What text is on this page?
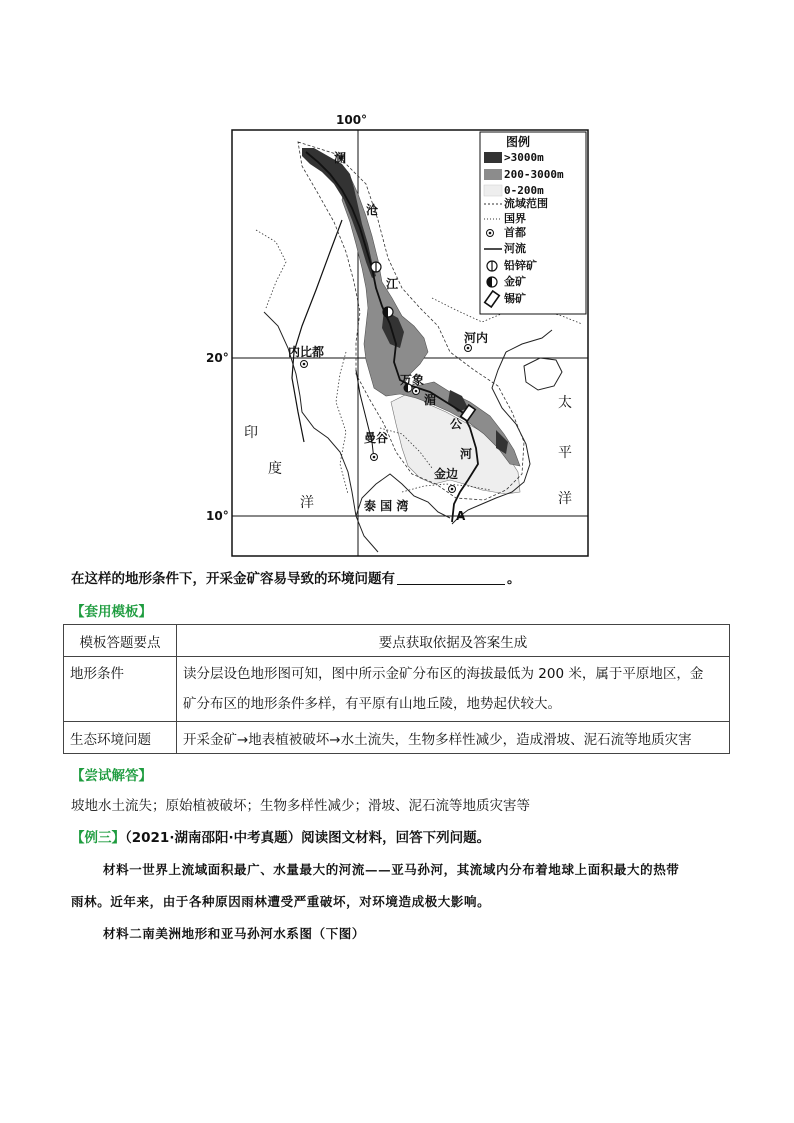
100°
20°
10°
图例
>3000m
200-3000m
0-200m
流域范围
国界
首都
河流
铅锌矿
金矿
锡矿
澜
沧
江
内比都
河内
万象
湄
公
河
曼谷
金边
A
印
度
洋
太
平
洋
泰 国 湾
在这样的地形条件下，开采金矿容易导致的环境问题有	。
【套用模板】
模板答题要点	要点获取依据及答案生成
地形条件	读分层设色地形图可知，图中所示金矿分布区的海拔最低为 200 米，属于平原地区，金
矿分布区的地形条件多样，有平原有山地丘陵，地势起伏较大。

生态环境问题	开采金矿→地表植被破坏→水土流失，生物多样性减少，造成滑坡、泥石流等地质灾害
【尝试解答】
坡地水土流失；原始植被破坏；生物多样性减少；滑坡、泥石流等地质灾害等
【例三】（2021·湖南邵阳·中考真题）阅读图文材料，回答下列问题。
材料一世界上流域面积最广、水量最大的河流——亚马孙河，其流域内分布着地球上面积最大的热带
雨林。近年来，由于各种原因雨林遭受严重破坏，对环境造成极大影响。
材料二南美洲地形和亚马孙河水系图（下图）
